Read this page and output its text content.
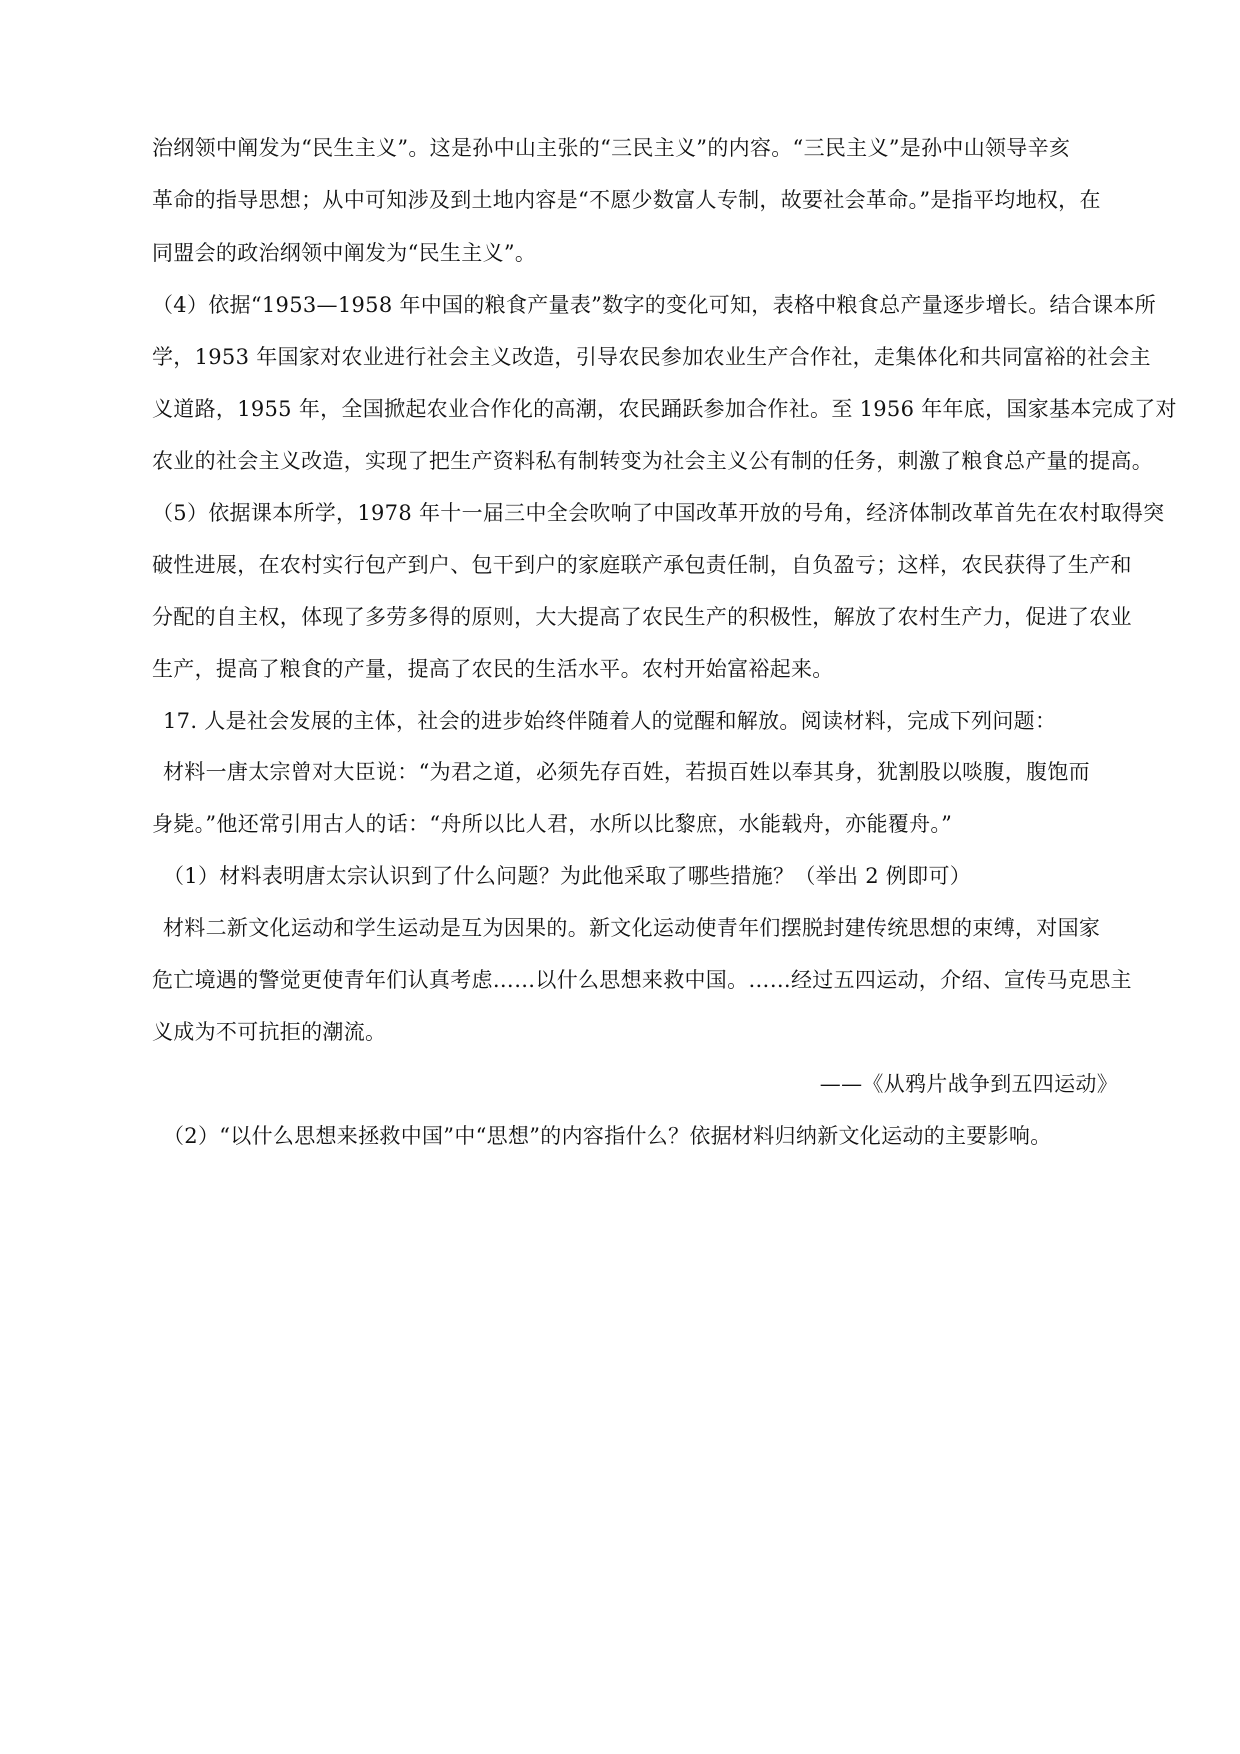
治纲领中阐发为“民生主义”。这是孙中山主张的“三民主义”的内容。“三民主义”是孙中山领导辛亥
革命的指导思想；从中可知涉及到土地内容是“不愿少数富人专制，故要社会革命。”是指平均地权，在
同盟会的政治纲领中阐发为“民生主义”。
（4）依据“1953—1958 年中国的粮食产量表”数字的变化可知，表格中粮食总产量逐步增长。结合课本所
学，1953 年国家对农业进行社会主义改造，引导农民参加农业生产合作社，走集体化和共同富裕的社会主
义道路，1955 年，全国掀起农业合作化的高潮，农民踊跃参加合作社。至 1956 年年底，国家基本完成了对
农业的社会主义改造，实现了把生产资料私有制转变为社会主义公有制的任务，刺激了粮食总产量的提高。
（5）依据课本所学，1978 年十一届三中全会吹响了中国改革开放的号角，经济体制改革首先在农村取得突
破性进展，在农村实行包产到户、包干到户的家庭联产承包责任制，自负盈亏；这样，农民获得了生产和
分配的自主权，体现了多劳多得的原则，大大提高了农民生产的积极性，解放了农村生产力，促进了农业
生产，提高了粮食的产量，提高了农民的生活水平。农村开始富裕起来。
17. 人是社会发展的主体，社会的进步始终伴随着人的觉醒和解放。阅读材料，完成下列问题：
材料一唐太宗曾对大臣说：“为君之道，必须先存百姓，若损百姓以奉其身，犹割股以啖腹，腹饱而
身毙。”他还常引用古人的话：“舟所以比人君，水所以比黎庶，水能载舟，亦能覆舟。”
（1）材料表明唐太宗认识到了什么问题？为此他采取了哪些措施？（举出 2 例即可）
材料二新文化运动和学生运动是互为因果的。新文化运动使青年们摆脱封建传统思想的束缚，对国家
危亡境遇的警觉更使青年们认真考虑……以什么思想来救中国。……经过五四运动，介绍、宣传马克思主
义成为不可抗拒的潮流。
——《从鸦片战争到五四运动》
（2）“以什么思想来拯救中国”中“思想”的内容指什么？依据材料归纳新文化运动的主要影响。
